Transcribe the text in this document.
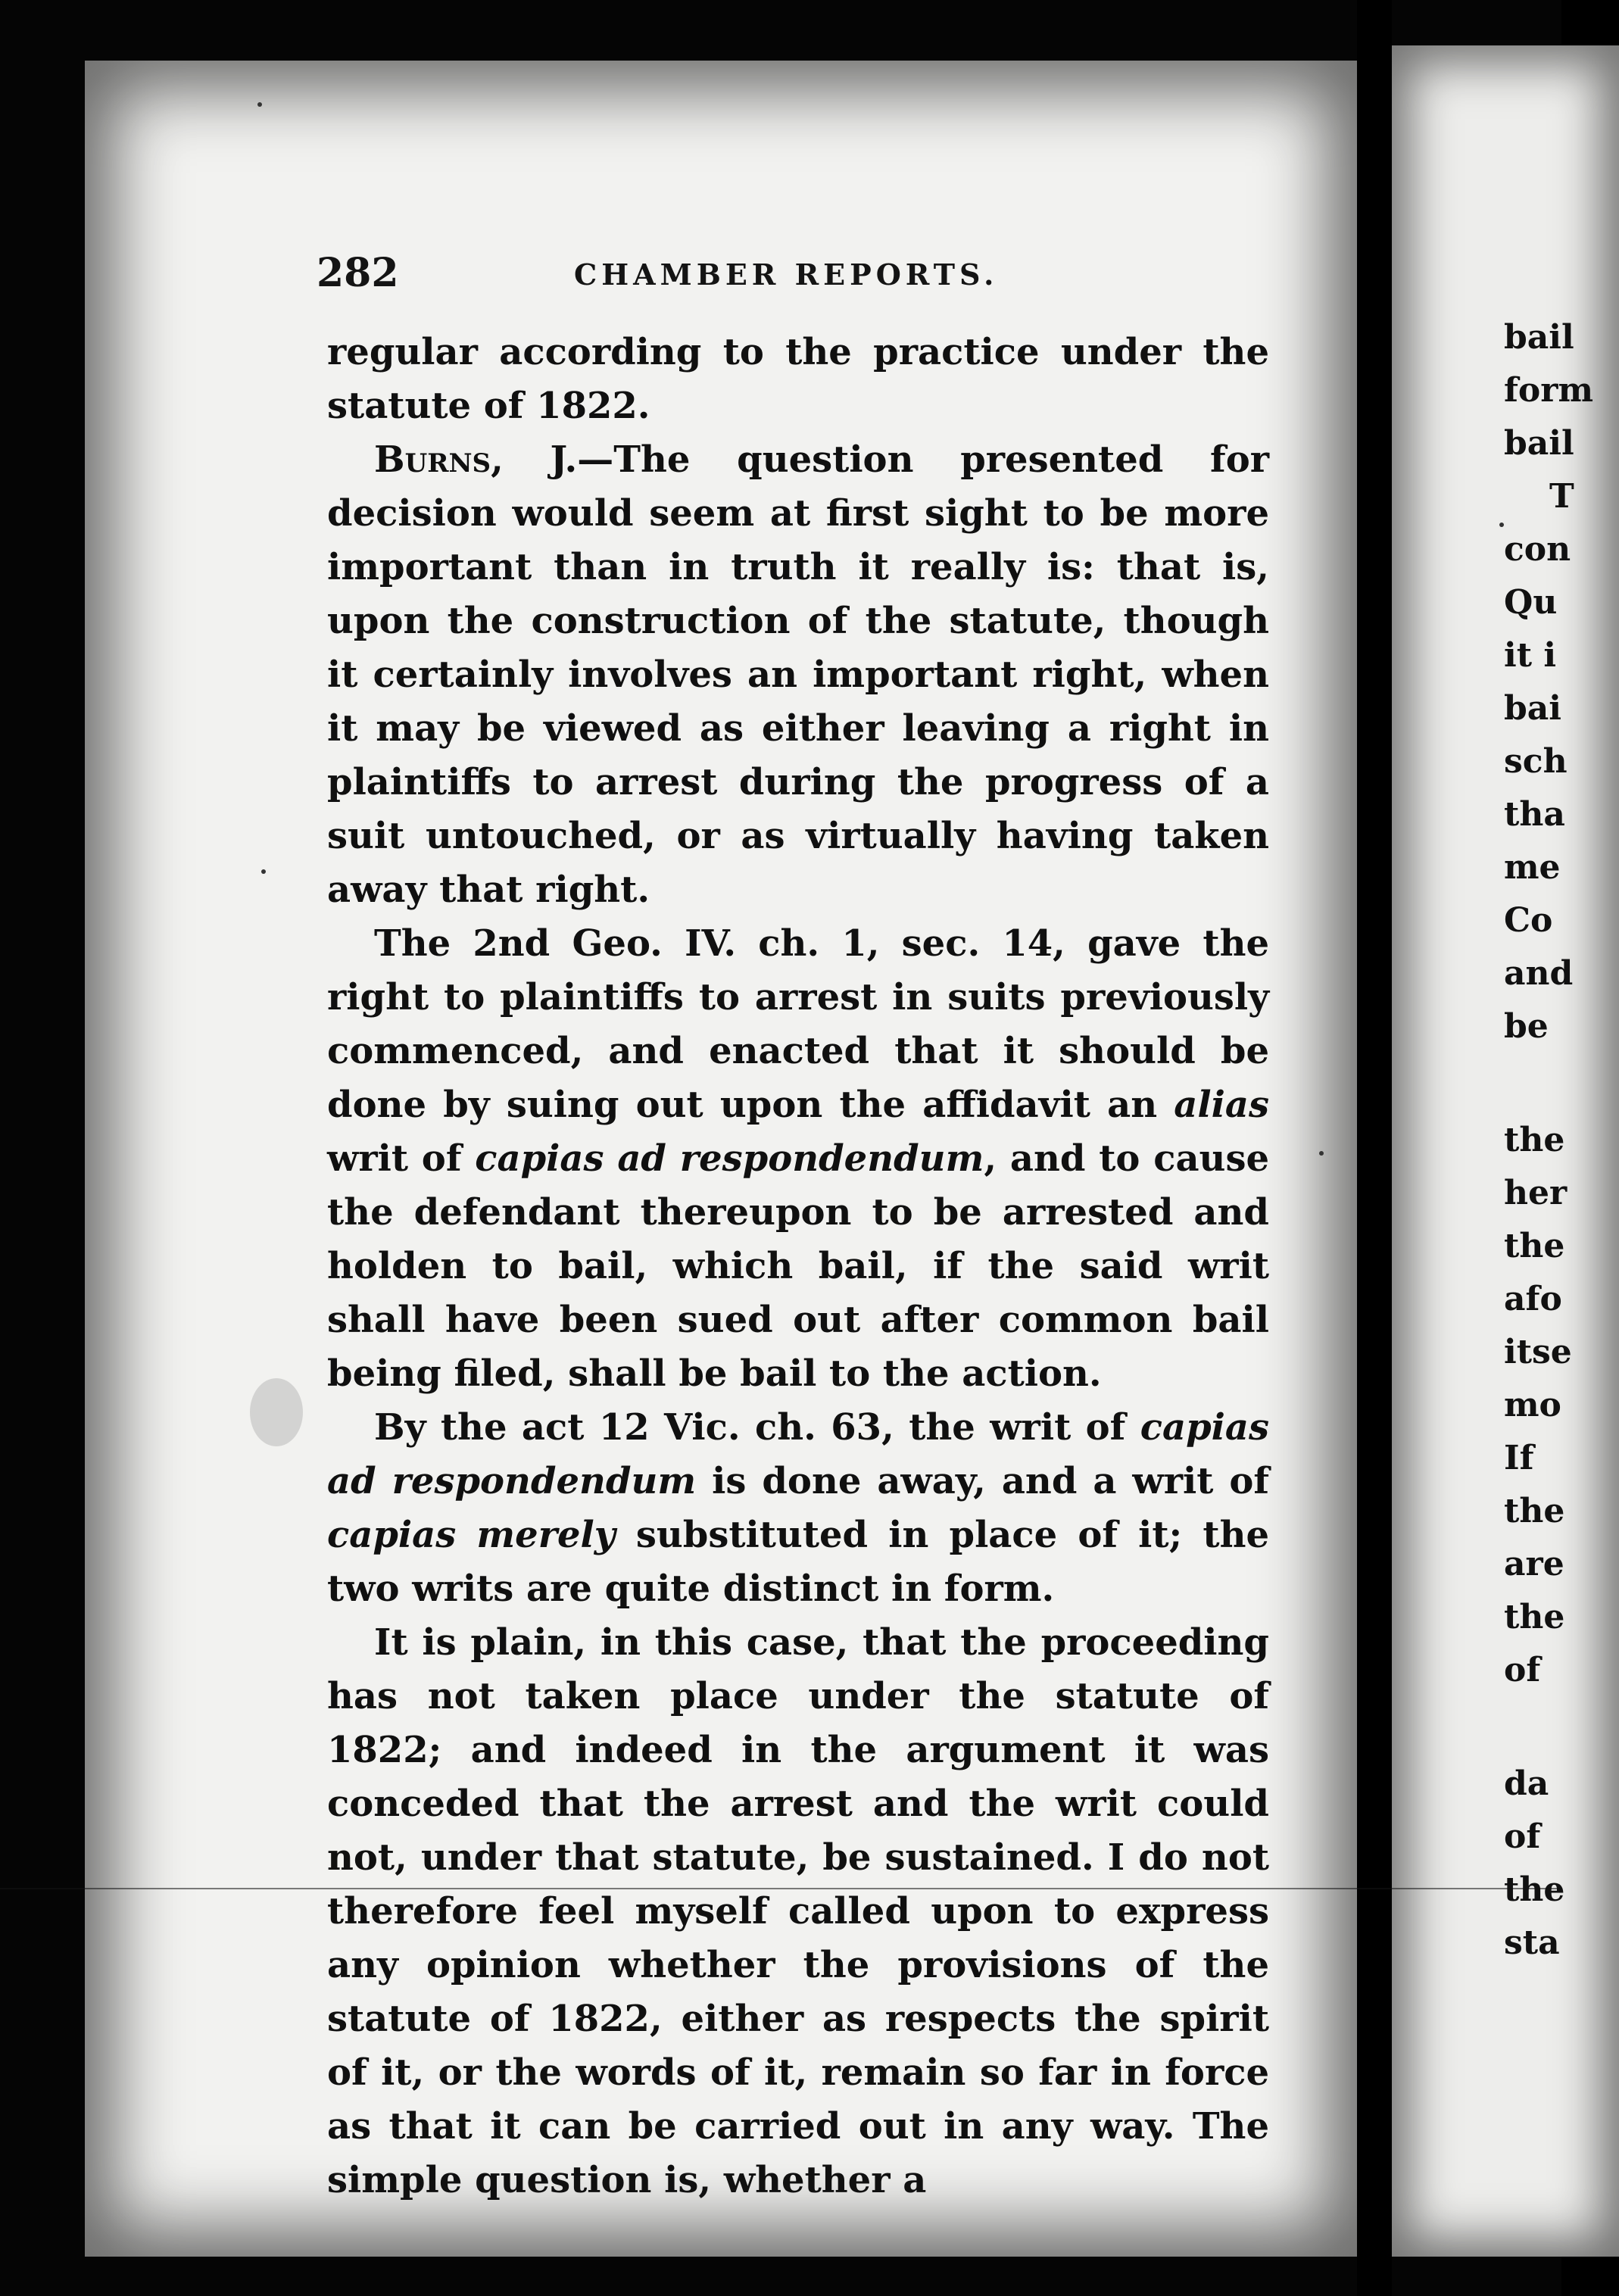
282	CHAMBER REPORTS.

regular according to the practice under the statute of 1822.

Burns, J.—The question presented for decision would seem at first sight to be more important than in truth it really is: that is, upon the construction of the statute, though it certainly involves an important right, when it may be viewed as either leaving a right in plaintiffs to arrest during the progress of a suit untouched, or as virtually having taken away that right.

The 2nd Geo. IV. ch. 1, sec. 14, gave the right to plaintiffs to arrest in suits previously commenced, and enacted that it should be done by suing out upon the affidavit an alias writ of capias ad respondendum, and to cause the defendant thereupon to be arrested and holden to bail, which bail, if the said writ shall have been sued out after common bail being filed, shall be bail to the action.

By the act 12 Vic. ch. 63, the writ of capias ad respondendum is done away, and a writ of capias merely substituted in place of it; the two writs are quite distinct in form.

It is plain, in this case, that the proceeding has not taken place under the statute of 1822; and indeed in the argument it was conceded that the arrest and the writ could not, under that statute, be sustained. I do not therefore feel myself called upon to express any opinion whether the provisions of the statute of 1822, either as respects the spirit of it, or the words of it, remain so far in force as that it can be carried out in any way. The simple question is, whether a

bail
form
bail
T
con
Qu
it i
bai
sch
tha
me
Co
and
be
the
her
the
afo
itse
mo
If
the
are
the
of
da
of
the
sta
